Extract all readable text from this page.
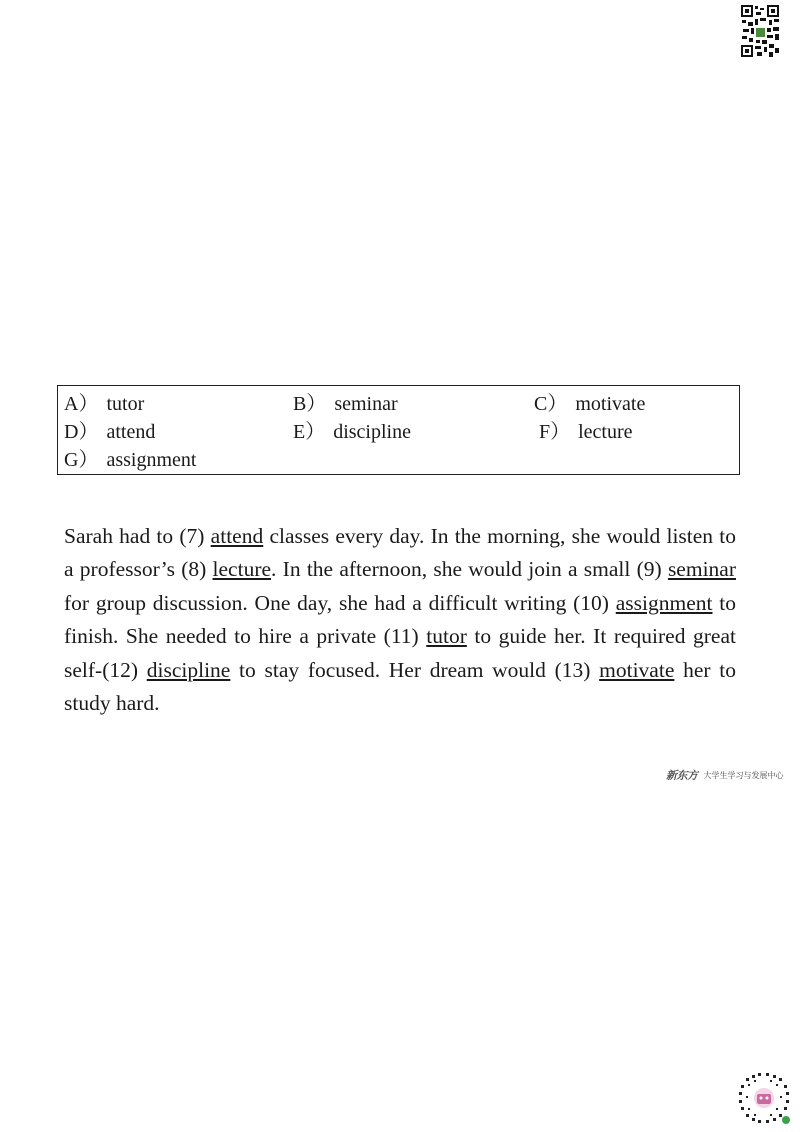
A） tutor	B） seminar	C） motivate
D） attend	E） discipline	F） lecture
G） assignment
Sarah had to (7) attend classes every day. In the morning, she would listen to a professor’s (8) lecture. In the afternoon, she would join a small (9) seminar for group discussion. One day, she had a difficult writing (10) assignment to finish. She needed to hire a private (11) tutor to guide her. It required great self-(12) discipline to stay focused. Her dream would (13) motivate her to study hard.
新东方 大学生学习与发展中心
